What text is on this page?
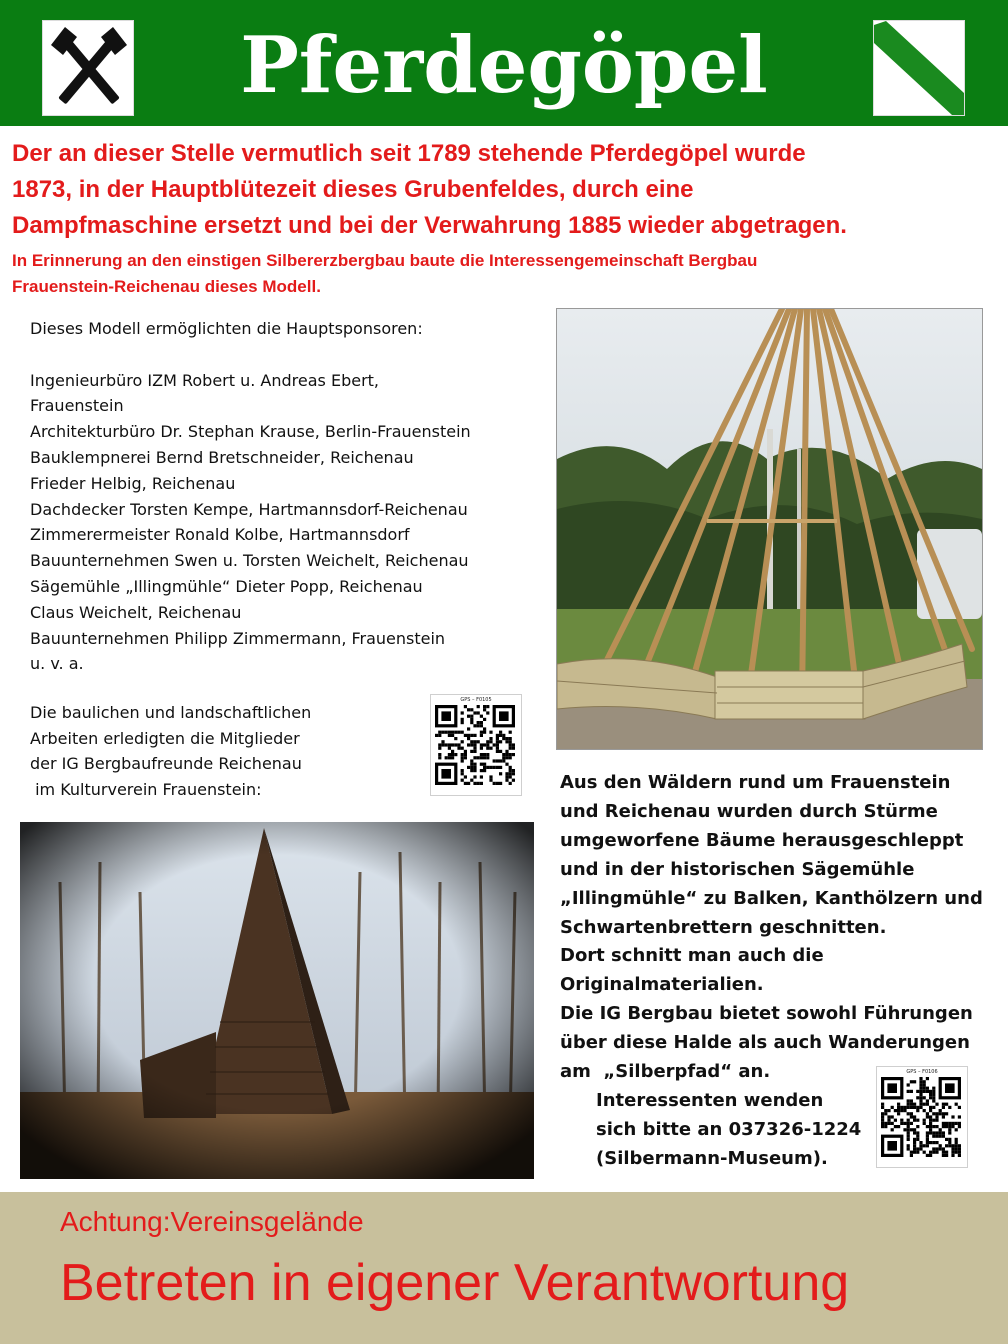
Pferdegöpel
Der an dieser Stelle vermutlich seit 1789 stehende Pferdegöpel wurde
1873, in der Hauptblütezeit dieses Grubenfeldes, durch eine
Dampfmaschine ersetzt und bei der Verwahrung 1885 wieder abgetragen.
In Erinnerung an den einstigen Silbererzbergbau baute die Interessengemeinschaft Bergbau
Frauenstein-Reichenau dieses Modell.
Dieses Modell ermöglichten die Hauptsponsoren:
Ingenieurbüro IZM Robert u. Andreas Ebert,
Frauenstein
Architekturbüro Dr. Stephan Krause, Berlin-Frauenstein
Bauklempnerei Bernd Bretschneider, Reichenau
Frieder Helbig, Reichenau
Dachdecker Torsten Kempe, Hartmannsdorf-Reichenau
Zimmerermeister Ronald Kolbe, Hartmannsdorf
Bauunternehmen Swen u. Torsten Weichelt, Reichenau
Sägemühle „Illingmühle“ Dieter Popp, Reichenau
Claus Weichelt, Reichenau
Bauunternehmen Philipp Zimmermann, Frauenstein
u. v. a.
Die baulichen und landschaftlichen
Arbeiten erledigten die Mitglieder
der IG Bergbaufreunde Reichenau
im Kulturverein Frauenstein:
GPS – F0105
Aus den Wäldern rund um Frauenstein
und Reichenau wurden durch Stürme
umgeworfene Bäume herausgeschleppt
und in der historischen Sägemühle
„Illingmühle“ zu Balken, Kanthölzern und
Schwartenbrettern geschnitten.
Dort schnitt man auch die
Originalmaterialien.
Die IG Bergbau bietet sowohl Führungen
über diese Halde als auch Wanderungen
am  „Silberpfad“ an.
Interessenten wenden
sich bitte an 037326-1224
(Silbermann-Museum).
GPS – F0106
Achtung:Vereinsgelände
Betreten in eigener Verantwortung
